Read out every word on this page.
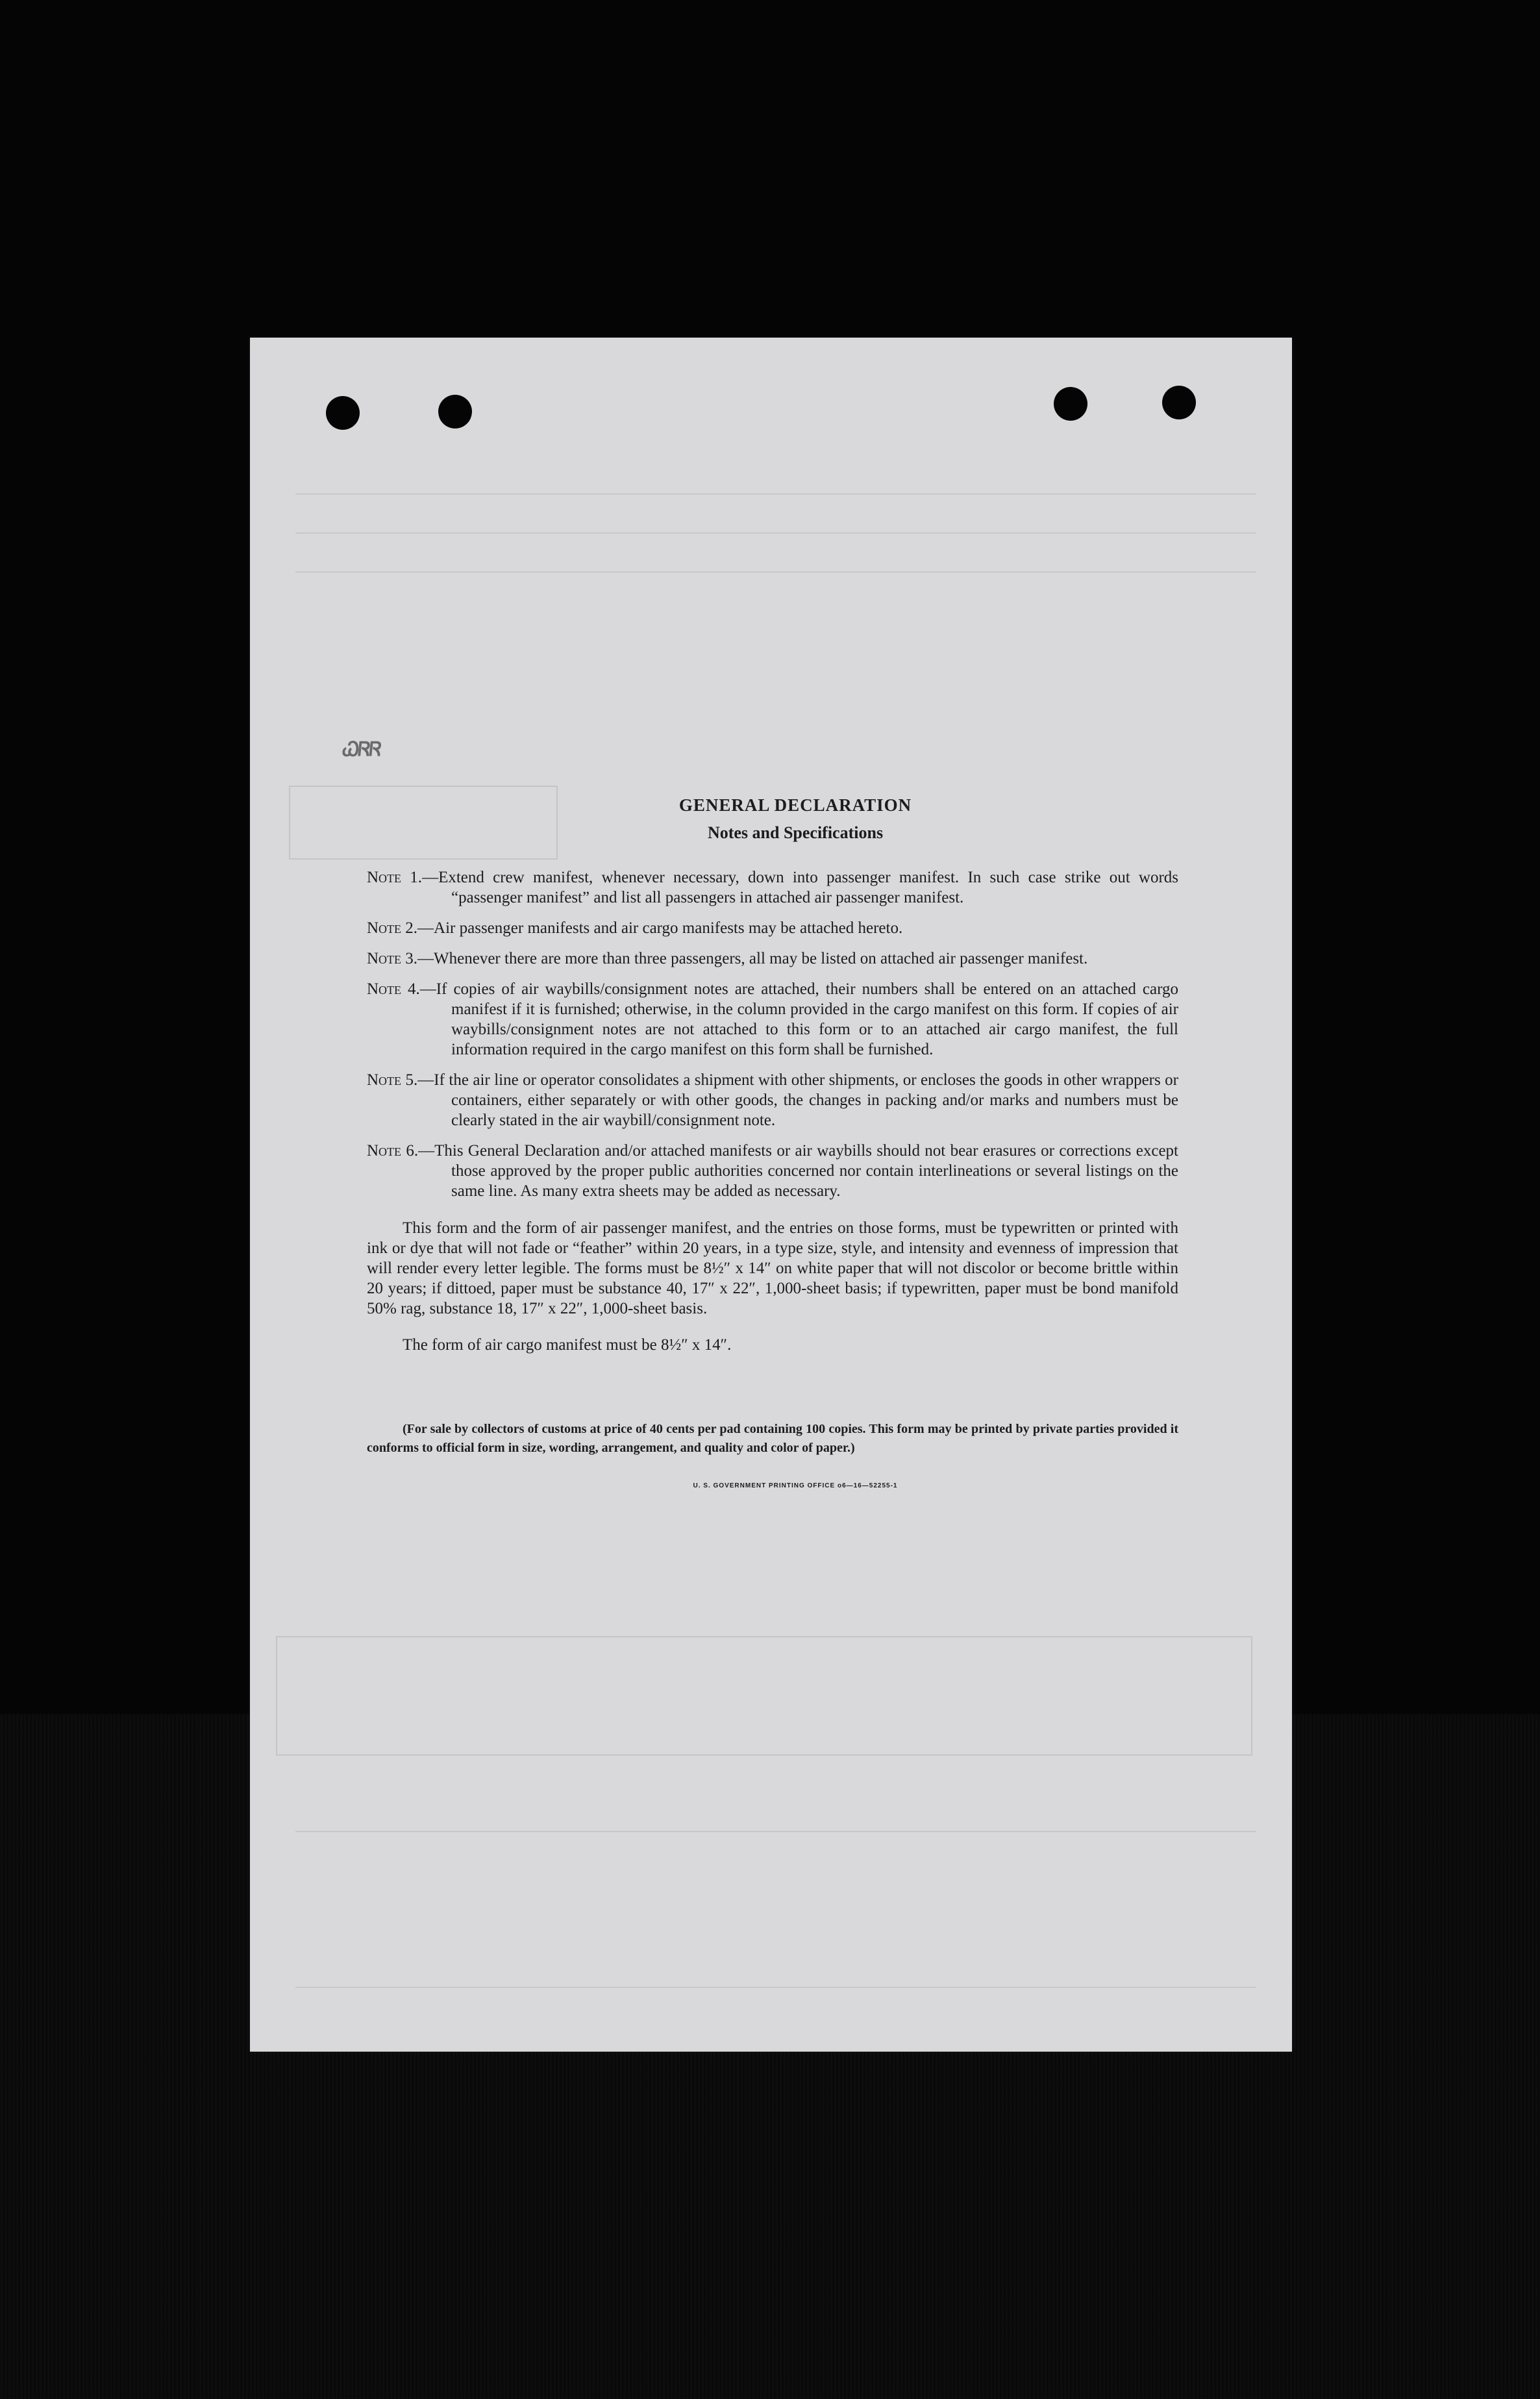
ᏇᏒᏒ

GENERAL DECLARATION

Notes and Specifications

Note 1.—Extend crew manifest, whenever necessary, down into passenger manifest. In such case strike out words “passenger manifest” and list all passengers in attached air passenger manifest.
Note 2.—Air passenger manifests and air cargo manifests may be attached hereto.
Note 3.—Whenever there are more than three passengers, all may be listed on attached air passenger manifest.
Note 4.—If copies of air waybills/consignment notes are attached, their numbers shall be entered on an attached cargo manifest if it is furnished; otherwise, in the column provided in the cargo manifest on this form. If copies of air waybills/consignment notes are not attached to this form or to an attached air cargo manifest, the full information required in the cargo manifest on this form shall be furnished.
Note 5.—If the air line or operator consolidates a shipment with other shipments, or encloses the goods in other wrappers or containers, either separately or with other goods, the changes in packing and/or marks and numbers must be clearly stated in the air waybill/consignment note.
Note 6.—This General Declaration and/or attached manifests or air waybills should not bear erasures or corrections except those approved by the proper public authorities concerned nor contain interlineations or several listings on the same line. As many extra sheets may be added as necessary.

This form and the form of air passenger manifest, and the entries on those forms, must be typewritten or printed with ink or dye that will not fade or “feather” within 20 years, in a type size, style, and intensity and evenness of impression that will render every letter legible. The forms must be 8½″ x 14″ on white paper that will not discolor or become brittle within 20 years; if dittoed, paper must be substance 40, 17″ x 22″, 1,000-sheet basis; if typewritten, paper must be bond manifold 50% rag, substance 18, 17″ x 22″, 1,000-sheet basis.

The form of air cargo manifest must be 8½″ x 14″.

(For sale by collectors of customs at price of 40 cents per pad containing 100 copies. This form may be printed by private parties provided it conforms to official form in size, wording, arrangement, and quality and color of paper.)

U. S. GOVERNMENT PRINTING OFFICE o6—16—52255-1
